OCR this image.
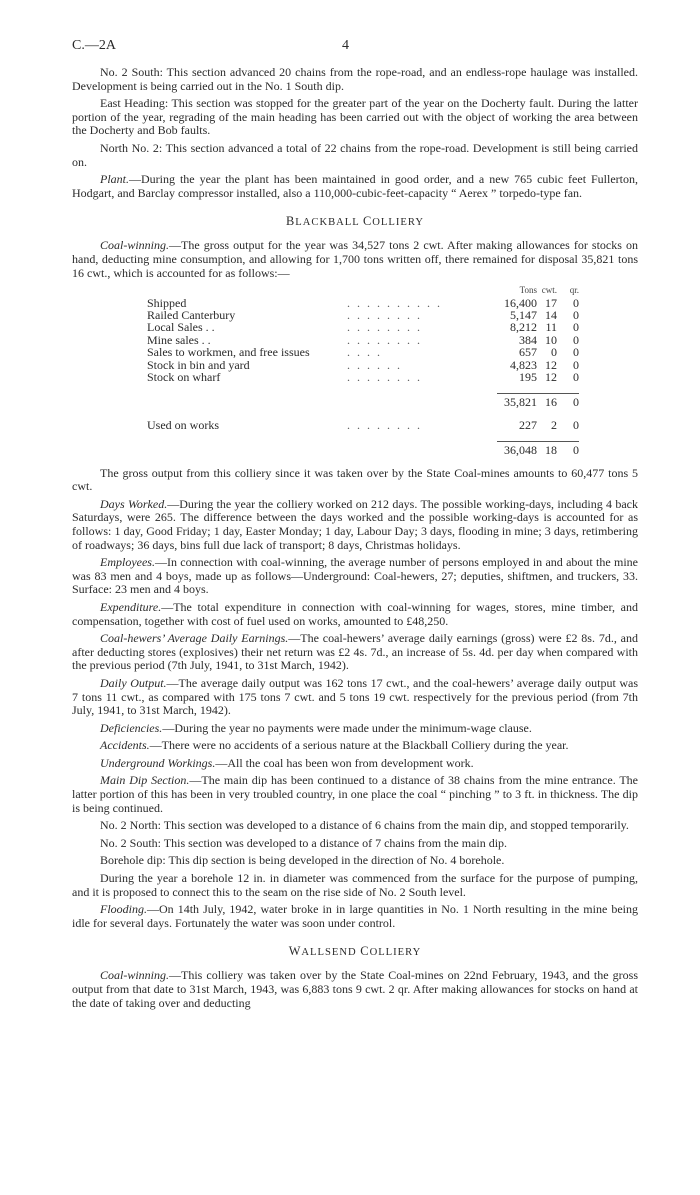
C.—2A	4

No. 2 South: This section advanced 20 chains from the rope-road, and an endless-rope haulage was installed. Development is being carried out in the No. 1 South dip.

East Heading: This section was stopped for the greater part of the year on the Docherty fault. During the latter portion of the year, regrading of the main heading has been carried out with the object of working the area between the Docherty and Bob faults.

North No. 2: This section advanced a total of 22 chains from the rope-road. Development is still being carried on.

Plant.—During the year the plant has been maintained in good order, and a new 765 cubic feet Fullerton, Hodgart, and Barclay compressor installed, also a 110,000-cubic-feet-capacity “ Aerex ” torpedo-type fan.

BLACKBALL COLLIERY

Coal-winning.—The gross output for the year was 34,527 tons 2 cwt. After making allowances for stocks on hand, deducting mine consumption, and allowing for 1,700 tons written off, there remained for disposal 35,821 tons 16 cwt., which is accounted for as follows:—

		Tons	cwt.	qr.
Shipped	. . . . . . . . . .	16,400	17	0
Railed Canterbury	. . . . . . . .	5,147	14	0
Local Sales . .	. . . . . . . .	8,212	11	0
Mine sales . .	. . . . . . . .	384	10	0
Sales to workmen, and free issues	. . . .	657	0	0
Stock in bin and yard	. . . . . .	4,823	12	0
Stock on wharf	. . . . . . . .	195	12	0

		35,821	16	0

Used on works	. . . . . . . .	227	2	0

		36,048	18	0

The gross output from this colliery since it was taken over by the State Coal-mines amounts to 60,477 tons 5 cwt.

Days Worked.—During the year the colliery worked on 212 days. The possible working-days, including 4 back Saturdays, were 265. The difference between the days worked and the possible working-days is accounted for as follows: 1 day, Good Friday; 1 day, Easter Monday; 1 day, Labour Day; 3 days, flooding in mine; 3 days, retimbering of roadways; 36 days, bins full due lack of transport; 8 days, Christmas holidays.

Employees.—In connection with coal-winning, the average number of persons employed in and about the mine was 83 men and 4 boys, made up as follows—Underground: Coal-hewers, 27; deputies, shiftmen, and truckers, 33. Surface: 23 men and 4 boys.

Expenditure.—The total expenditure in connection with coal-winning for wages, stores, mine timber, and compensation, together with cost of fuel used on works, amounted to £48,250.

Coal-hewers’ Average Daily Earnings.—The coal-hewers’ average daily earnings (gross) were £2 8s. 7d., and after deducting stores (explosives) their net return was £2 4s. 7d., an increase of 5s. 4d. per day when compared with the previous period (7th July, 1941, to 31st March, 1942).

Daily Output.—The average daily output was 162 tons 17 cwt., and the coal-hewers’ average daily output was 7 tons 11 cwt., as compared with 175 tons 7 cwt. and 5 tons 19 cwt. respectively for the previous period (from 7th July, 1941, to 31st March, 1942).

Deficiencies.—During the year no payments were made under the minimum-wage clause.

Accidents.—There were no accidents of a serious nature at the Blackball Colliery during the year.

Underground Workings.—All the coal has been won from development work.

Main Dip Section.—The main dip has been continued to a distance of 38 chains from the mine entrance. The latter portion of this has been in very troubled country, in one place the coal “ pinching ” to 3 ft. in thickness. The dip is being continued.

No. 2 North: This section was developed to a distance of 6 chains from the main dip, and stopped temporarily.

No. 2 South: This section was developed to a distance of 7 chains from the main dip.

Borehole dip: This dip section is being developed in the direction of No. 4 borehole.

During the year a borehole 12 in. in diameter was commenced from the surface for the purpose of pumping, and it is proposed to connect this to the seam on the rise side of No. 2 South level.

Flooding.—On 14th July, 1942, water broke in in large quantities in No. 1 North resulting in the mine being idle for several days. Fortunately the water was soon under control.

WALLSEND COLLIERY

Coal-winning.—This colliery was taken over by the State Coal-mines on 22nd February, 1943, and the gross output from that date to 31st March, 1943, was 6,883 tons 9 cwt. 2 qr. After making allowances for stocks on hand at the date of taking over and deducting
